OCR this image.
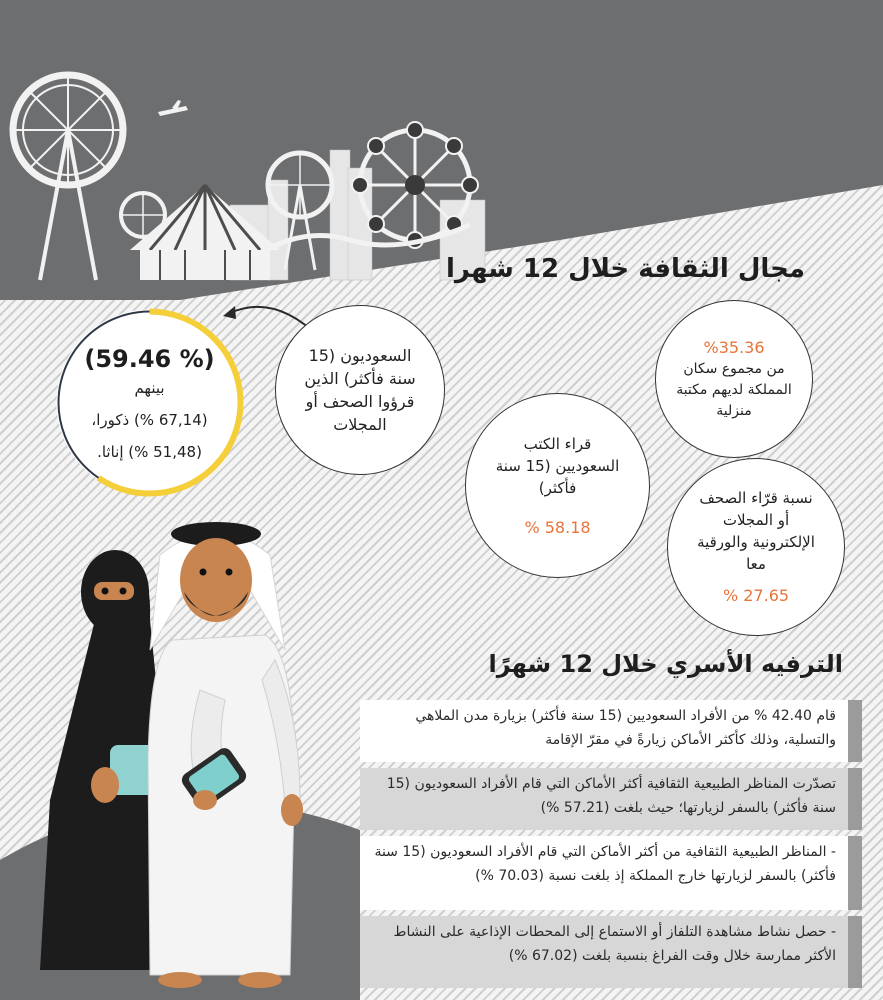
مجال الثقافة خلال 12 شهرا
(59.46 %)
بينهم
(67,14 %) ذكورا،
(51,48 %) إناثا.
السعوديون (15 سنة فأكثر) الذين قرؤوا الصحف أو المجلات
%35.36
من مجموع سكان المملكة لديهم مكتبة منزلية
قراء الكتب السعوديين (15 سنة فأكثر)
% 58.18
نسبة قرّاء الصحف أو المجلات الإلكترونية والورقية معا
% 27.65
الترفيه الأسري خلال 12 شهرًا
قام 42.40 % من الأفراد السعوديين (15 سنة فأكثر) بزيارة مدن الملاهي والتسلية، وذلك كأكثر الأماكن زيارةً في مقرّ الإقامة
تصدّرت المناظر الطبيعية الثقافية أكثر الأماكن التي قام الأفراد السعوديون (15 سنة فأكثر) بالسفر لزيارتها؛ حيث بلغت (57.21 %)
- المناظر الطبيعية الثقافية من أكثر الأماكن التي قام الأفراد السعوديون (15 سنة فأكثر) بالسفر لزيارتها خارج المملكة إذ بلغت نسبة (70.03 %)
- حصل نشاط مشاهدة التلفاز أو الاستماع إلى المحطات الإذاعية على النشاط الأكثر ممارسة خلال وقت الفراغ بنسبة بلغت (67.02 %)
